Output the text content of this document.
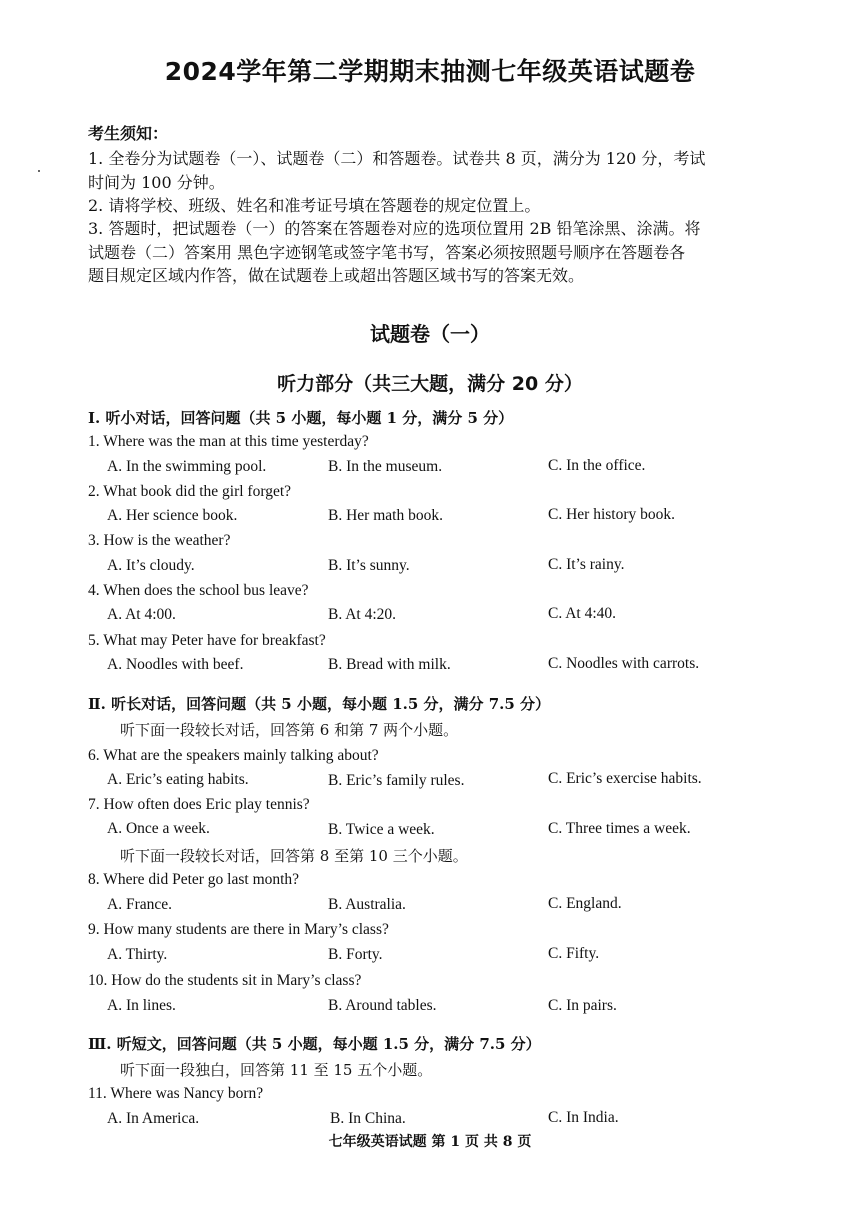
2024学年第二学期期末抽测七年级英语试题卷
考生须知：
1. 全卷分为试题卷（一）、试题卷（二）和答题卷。试卷共 8 页，满分为 120 分，考试
时间为 100 分钟。
2. 请将学校、班级、姓名和准考证号填在答题卷的规定位置上。
3. 答题时，把试题卷（一）的答案在答题卷对应的选项位置用 2B 铅笔涂黑、涂满。将
试题卷（二）答案用 黑色字迹钢笔或签字笔书写，答案必须按照题号顺序在答题卷各
题目规定区域内作答，做在试题卷上或超出答题区域书写的答案无效。
试题卷（一）
听力部分（共三大题，满分 20 分）
Ⅰ. 听小对话，回答问题（共 5 小题，每小题 1 分，满分 5 分）
1. Where was the man at this time yesterday?
A. In the swimming pool.	B. In the museum.	C. In the office.
2. What book did the girl forget?
A. Her science book.	B. Her math book.	C. Her history book.
3. How is the weather?
A. It’s cloudy.	B. It’s sunny.	C. It’s rainy.
4. When does the school bus leave?
A. At 4:00.	B. At 4:20.	C. At 4:40.
5. What may Peter have for breakfast?
A. Noodles with beef.	B. Bread with milk.	C. Noodles with carrots.
Ⅱ. 听长对话，回答问题（共 5 小题，每小题 1.5 分，满分 7.5 分）
听下面一段较长对话，回答第 6 和第 7 两个小题。
6. What are the speakers mainly talking about?
A. Eric’s eating habits.	B. Eric’s family rules.	C. Eric’s exercise habits.
7. How often does Eric play tennis?
A. Once a week.	B. Twice a week.	C. Three times a week.
听下面一段较长对话，回答第 8 至第 10 三个小题。
8. Where did Peter go last month?
A. France.	B. Australia.	C. England.
9. How many students are there in Mary’s class?
A. Thirty.	B. Forty.	C. Fifty.
10. How do the students sit in Mary’s class?
A. In lines.	B. Around tables.	C. In pairs.
Ⅲ. 听短文，回答问题（共 5 小题，每小题 1.5 分，满分 7.5 分）
听下面一段独白，回答第 11 至 15 五个小题。
11. Where was Nancy born?
A. In America.	B. In China.	C. In India.
七年级英语试题 第 1 页 共 8 页
